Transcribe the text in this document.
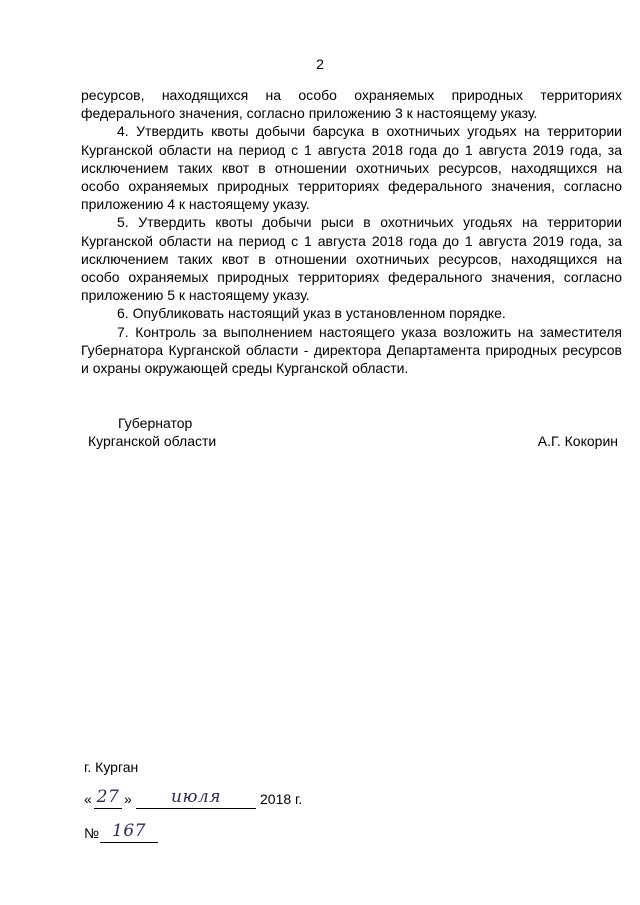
2

ресурсов, находящихся на особо охраняемых природных территориях федерального значения, согласно приложению 3 к настоящему указу.

4. Утвердить квоты добычи барсука в охотничьих угодьях на территории Курганской области на период с 1 августа 2018 года до 1 августа 2019 года, за исключением таких квот в отношении охотничьих ресурсов, находящихся на особо охраняемых природных территориях федерального значения, согласно приложению 4 к настоящему указу.

5. Утвердить квоты добычи рыси в охотничьих угодьях на территории Курганской области на период с 1 августа 2018 года до 1 августа 2019 года, за исключением таких квот в отношении охотничьих ресурсов, находящихся на особо охраняемых природных территориях федерального значения, согласно приложению 5 к настоящему указу.

6. Опубликовать настоящий указ в установленном порядке.

7. Контроль за выполнением настоящего указа возложить на заместителя Губернатора Курганской области - директора Департамента природных ресурсов и охраны окружающей среды Курганской области.

Губернатор
Курганской области	А.Г. Кокорин
г. Курган
« 27 »	июля	2018 г.
№ 167
